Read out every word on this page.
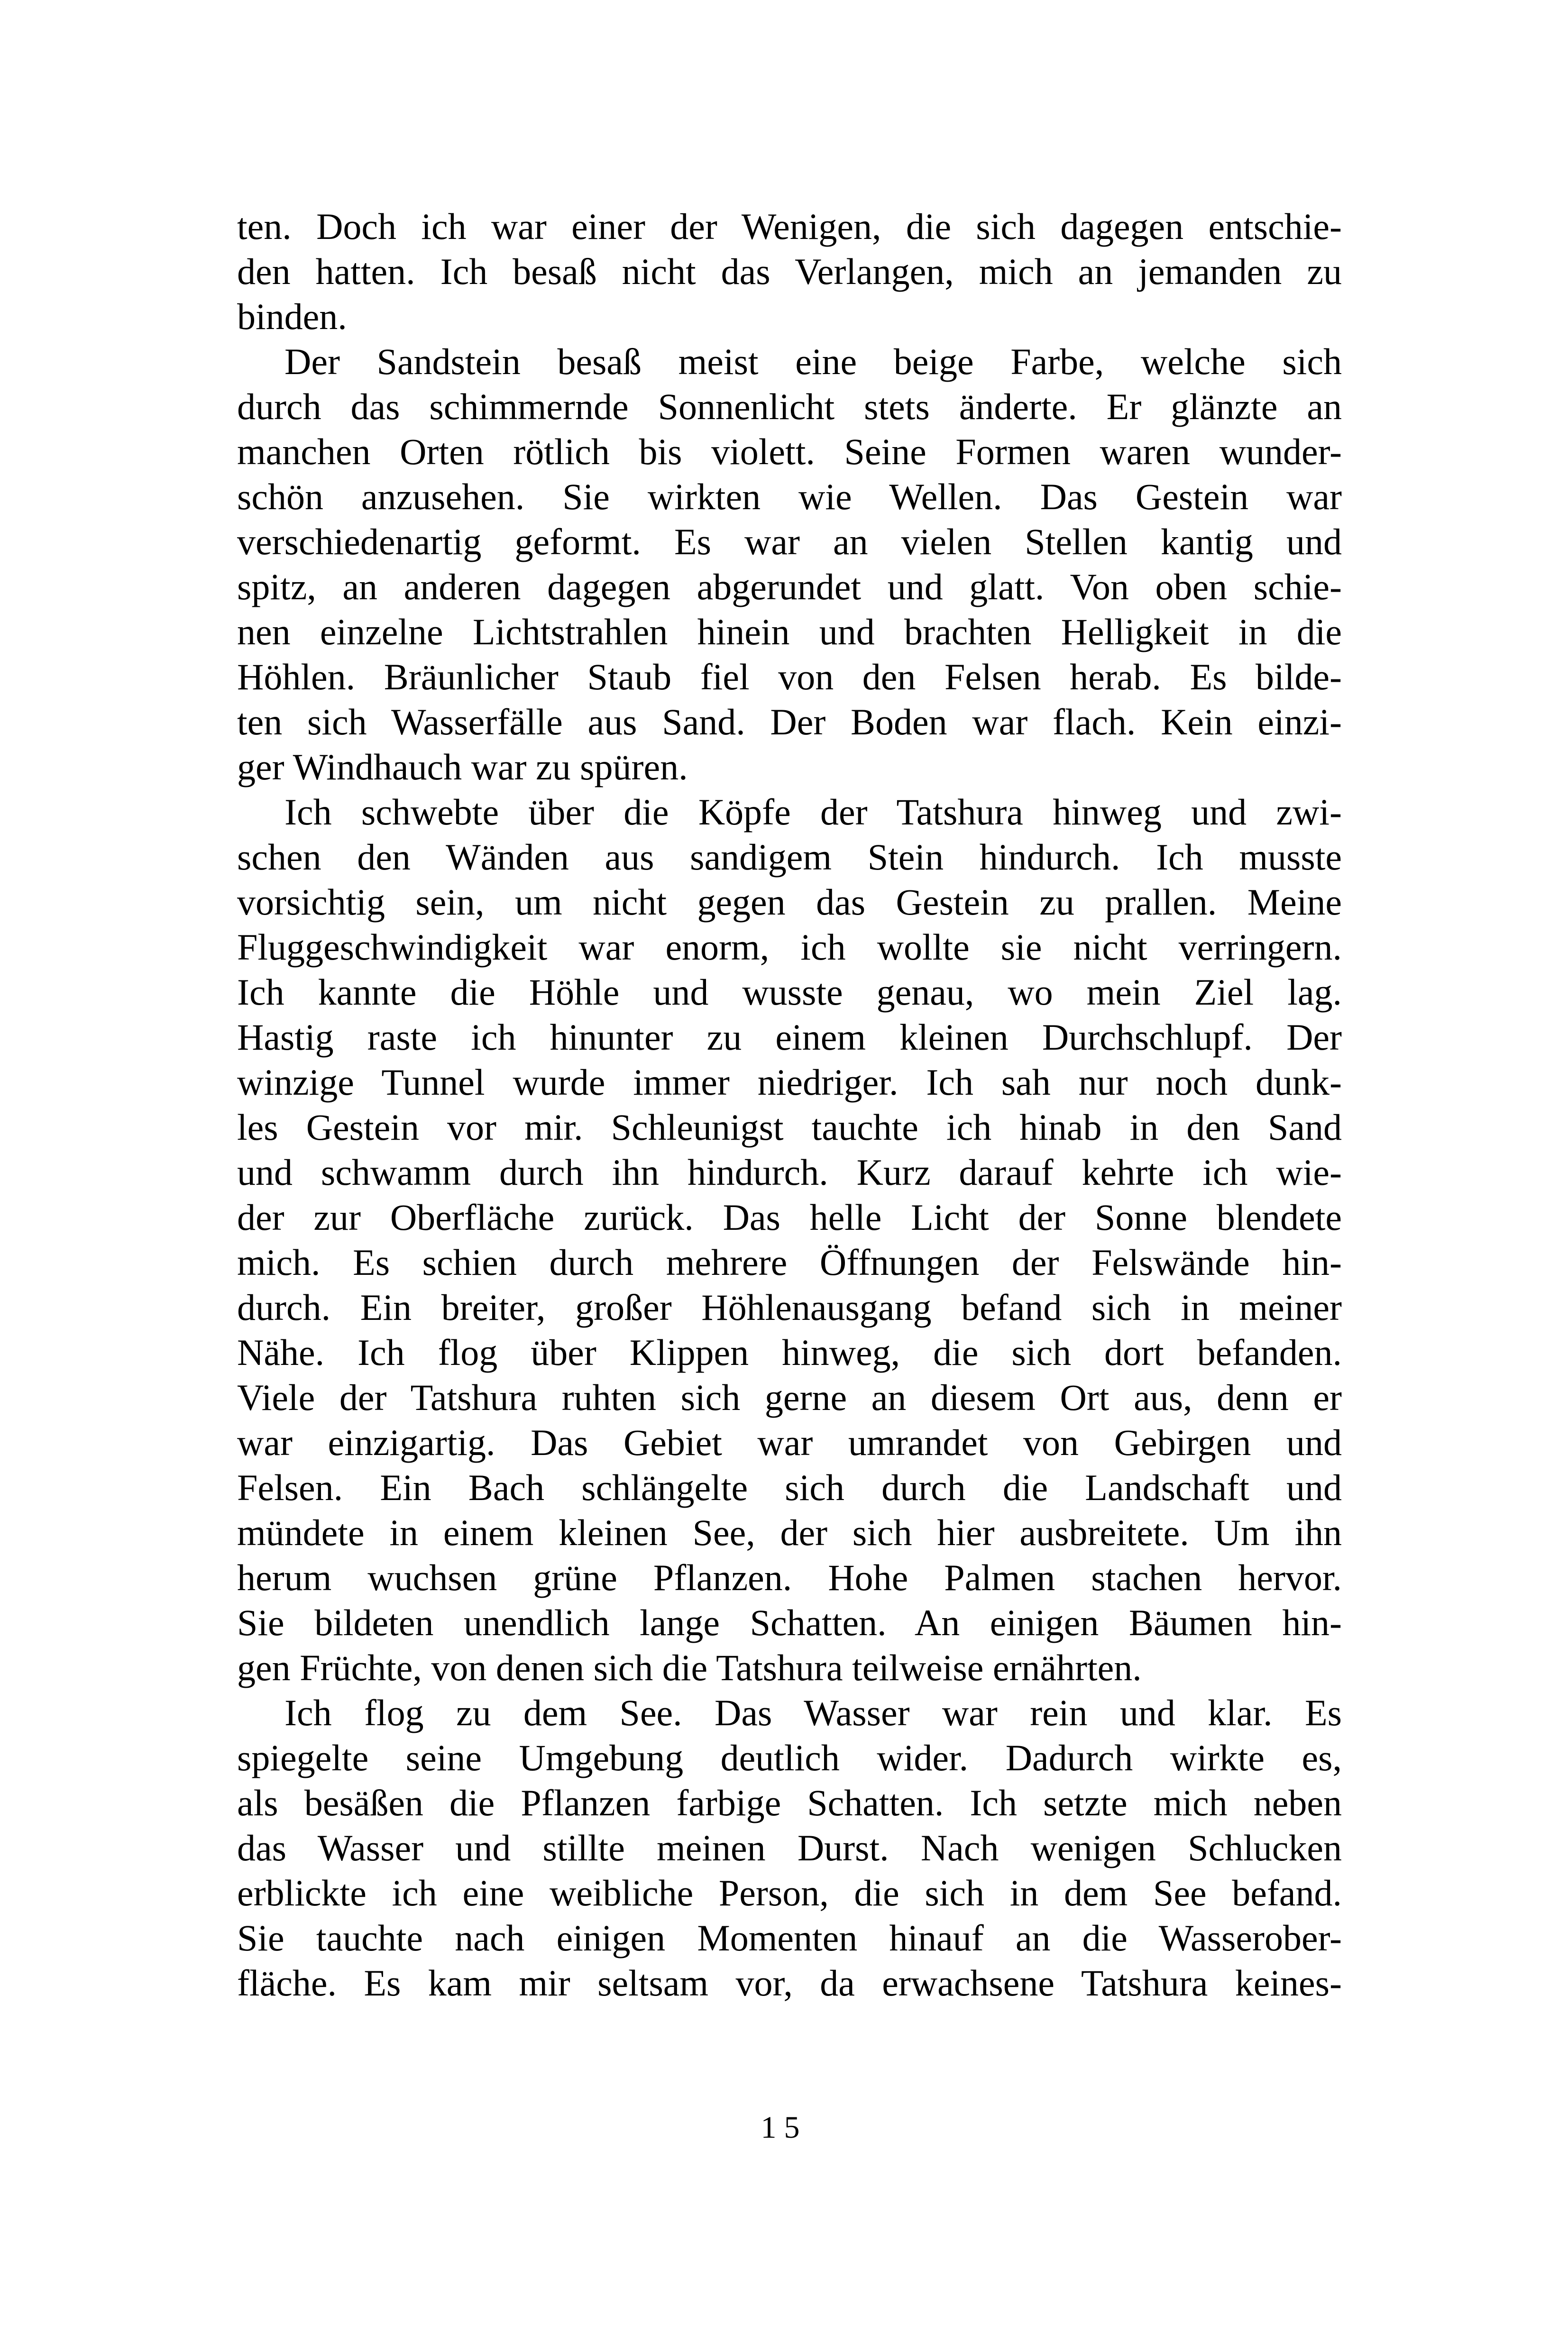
ten. Doch ich war einer der Wenigen, die sich dagegen entschie-
den hatten. Ich besaß nicht das Verlangen, mich an jemanden zu
binden.
Der Sandstein besaß meist eine beige Farbe, welche sich
durch das schimmernde Sonnenlicht stets änderte. Er glänzte an
manchen Orten rötlich bis violett. Seine Formen waren wunder-
schön anzusehen. Sie wirkten wie Wellen. Das Gestein war
verschiedenartig geformt. Es war an vielen Stellen kantig und
spitz, an anderen dagegen abgerundet und glatt. Von oben schie-
nen einzelne Lichtstrahlen hinein und brachten Helligkeit in die
Höhlen. Bräunlicher Staub fiel von den Felsen herab. Es bilde-
ten sich Wasserfälle aus Sand. Der Boden war flach. Kein einzi-
ger Windhauch war zu spüren.
Ich schwebte über die Köpfe der Tatshura hinweg und zwi-
schen den Wänden aus sandigem Stein hindurch. Ich musste
vorsichtig sein, um nicht gegen das Gestein zu prallen. Meine
Fluggeschwindigkeit war enorm, ich wollte sie nicht verringern.
Ich kannte die Höhle und wusste genau, wo mein Ziel lag.
Hastig raste ich hinunter zu einem kleinen Durchschlupf. Der
winzige Tunnel wurde immer niedriger. Ich sah nur noch dunk-
les Gestein vor mir. Schleunigst tauchte ich hinab in den Sand
und schwamm durch ihn hindurch. Kurz darauf kehrte ich wie-
der zur Oberfläche zurück. Das helle Licht der Sonne blendete
mich. Es schien durch mehrere Öffnungen der Felswände hin-
durch. Ein breiter, großer Höhlenausgang befand sich in meiner
Nähe. Ich flog über Klippen hinweg, die sich dort befanden.
Viele der Tatshura ruhten sich gerne an diesem Ort aus, denn er
war einzigartig. Das Gebiet war umrandet von Gebirgen und
Felsen. Ein Bach schlängelte sich durch die Landschaft und
mündete in einem kleinen See, der sich hier ausbreitete. Um ihn
herum wuchsen grüne Pflanzen. Hohe Palmen stachen hervor.
Sie bildeten unendlich lange Schatten. An einigen Bäumen hin-
gen Früchte, von denen sich die Tatshura teilweise ernährten.
Ich flog zu dem See. Das Wasser war rein und klar. Es
spiegelte seine Umgebung deutlich wider. Dadurch wirkte es,
als besäßen die Pflanzen farbige Schatten. Ich setzte mich neben
das Wasser und stillte meinen Durst. Nach wenigen Schlucken
erblickte ich eine weibliche Person, die sich in dem See befand.
Sie tauchte nach einigen Momenten hinauf an die Wasserober-
fläche. Es kam mir seltsam vor, da erwachsene Tatshura keines-
15
